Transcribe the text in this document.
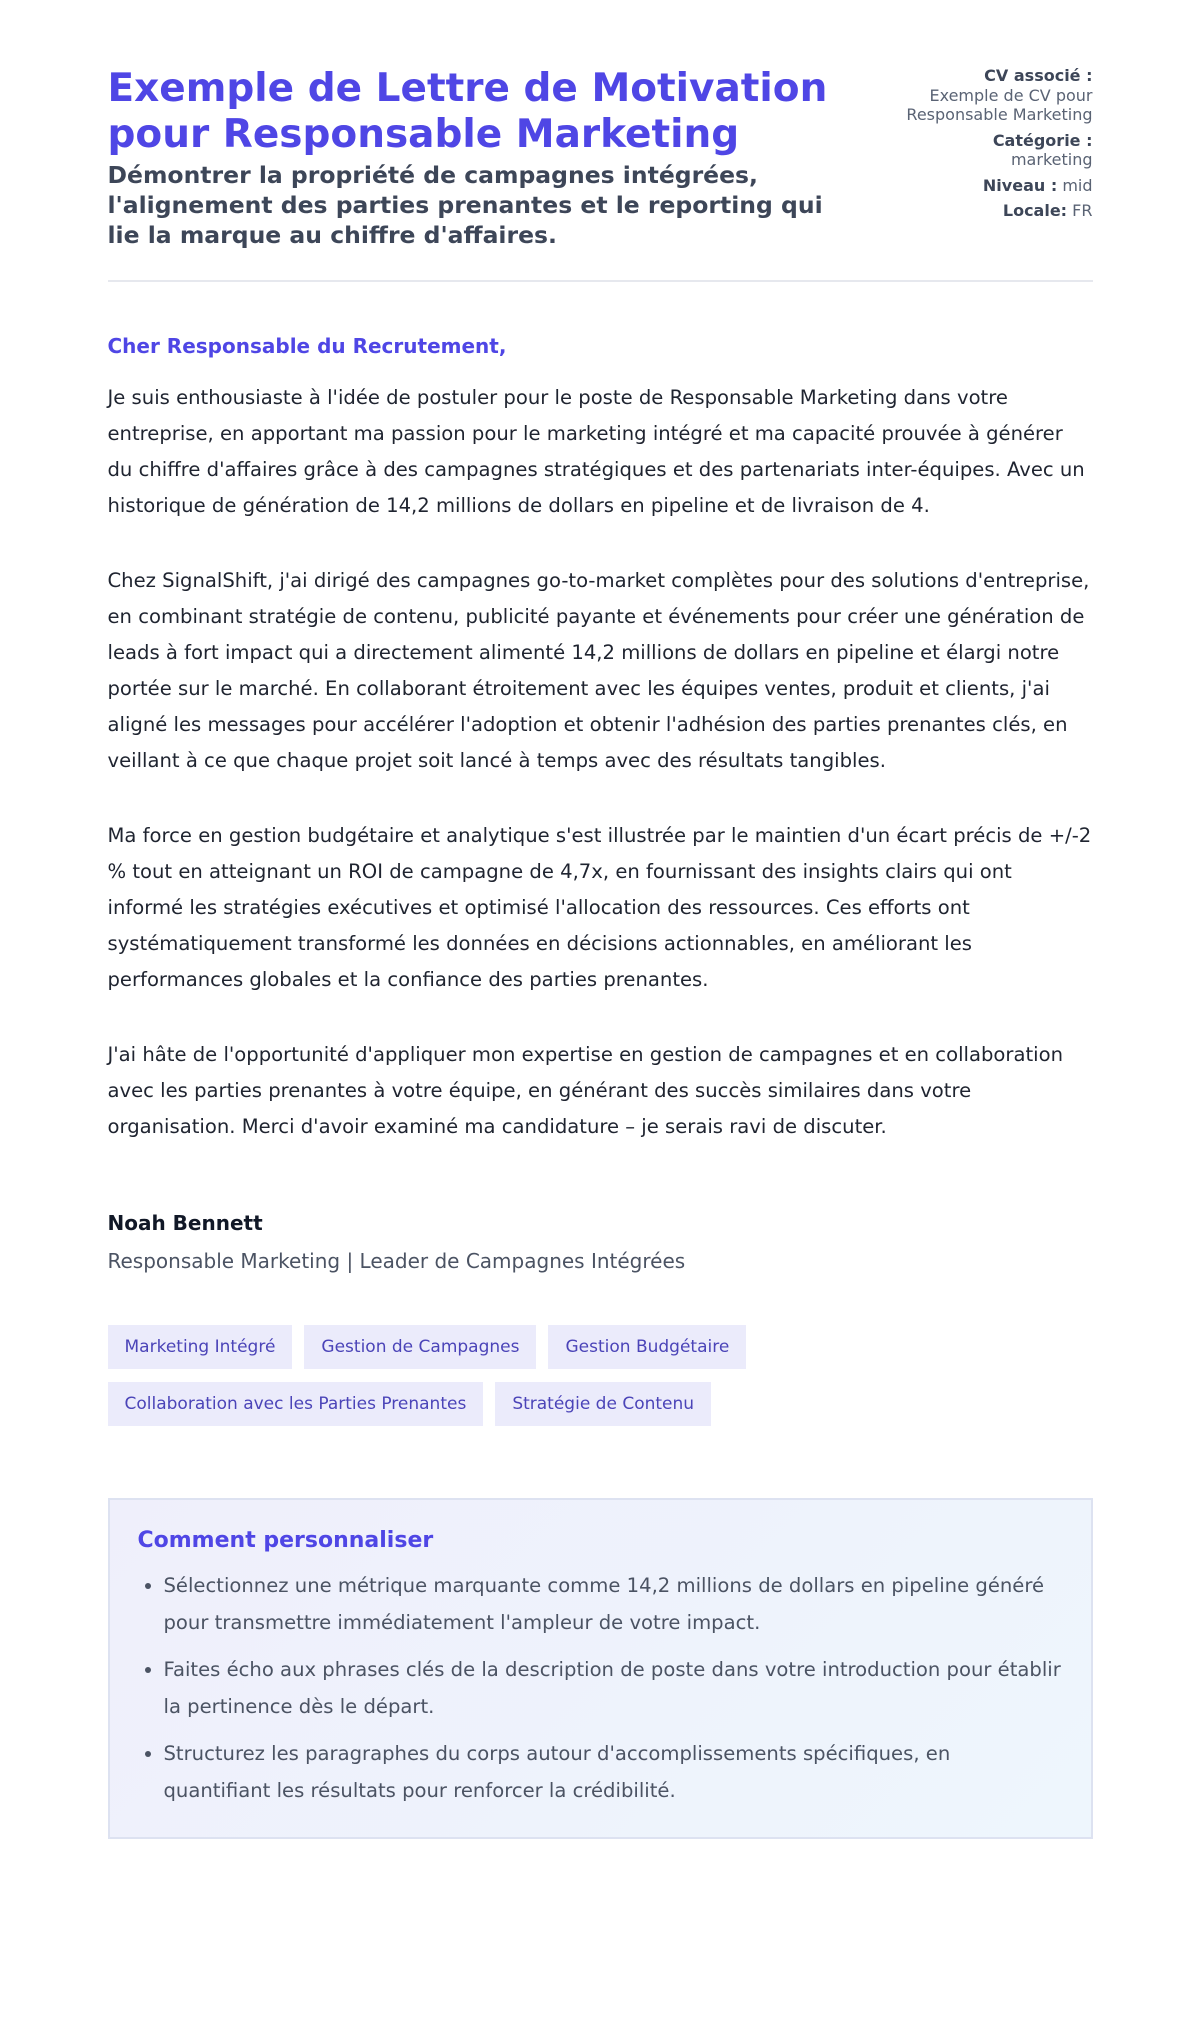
Exemple de Lettre de Motivation pour Responsable Marketing
Démontrer la propriété de campagnes intégrées, l'alignement des parties prenantes et le reporting qui lie la marque au chiffre d'affaires.
CV associé :
Exemple de CV pour Responsable Marketing
Catégorie :
marketing
Niveau : mid
Locale: FR
Cher Responsable du Recrutement,

Je suis enthousiaste à l'idée de postuler pour le poste de Responsable Marketing dans votre entreprise, en apportant ma passion pour le marketing intégré et ma capacité prouvée à générer du chiffre d'affaires grâce à des campagnes stratégiques et des partenariats inter-équipes. Avec un historique de génération de 14,2 millions de dollars en pipeline et de livraison de 4.

Chez SignalShift, j'ai dirigé des campagnes go-to-market complètes pour des solutions d'entreprise, en combinant stratégie de contenu, publicité payante et événements pour créer une génération de leads à fort impact qui a directement alimenté 14,2 millions de dollars en pipeline et élargi notre portée sur le marché. En collaborant étroitement avec les équipes ventes, produit et clients, j'ai aligné les messages pour accélérer l'adoption et obtenir l'adhésion des parties prenantes clés, en veillant à ce que chaque projet soit lancé à temps avec des résultats tangibles.

Ma force en gestion budgétaire et analytique s'est illustrée par le maintien d'un écart précis de +/-2 % tout en atteignant un ROI de campagne de 4,7x, en fournissant des insights clairs qui ont informé les stratégies exécutives et optimisé l'allocation des ressources. Ces efforts ont systématiquement transformé les données en décisions actionnables, en améliorant les performances globales et la confiance des parties prenantes.

J'ai hâte de l'opportunité d'appliquer mon expertise en gestion de campagnes et en collaboration avec les parties prenantes à votre équipe, en générant des succès similaires dans votre organisation. Merci d'avoir examiné ma candidature – je serais ravi de discuter.

Noah Bennett
Responsable Marketing | Leader de Campagnes Intégrées
Marketing Intégré	Gestion de Campagnes	Gestion Budgétaire
Collaboration avec les Parties Prenantes	Stratégie de Contenu
Comment personnaliser
• Sélectionnez une métrique marquante comme 14,2 millions de dollars en pipeline généré pour transmettre immédiatement l'ampleur de votre impact.
• Faites écho aux phrases clés de la description de poste dans votre introduction pour établir la pertinence dès le départ.
• Structurez les paragraphes du corps autour d'accomplissements spécifiques, en quantifiant les résultats pour renforcer la crédibilité.
